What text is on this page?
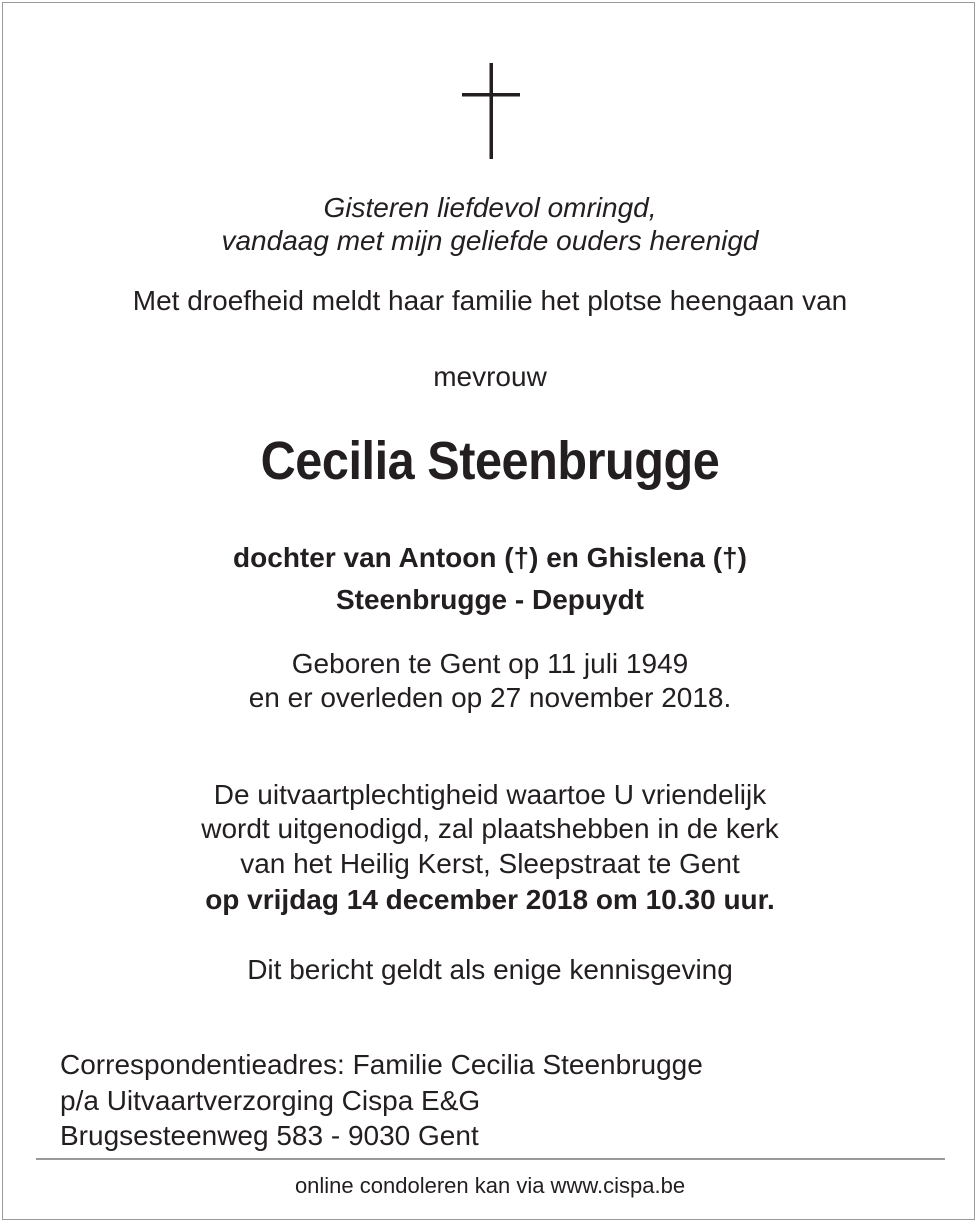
Gisteren liefdevol omringd,
vandaag met mijn geliefde ouders herenigd
Met droefheid meldt haar familie het plotse heengaan van
mevrouw
Cecilia Steenbrugge
dochter van Antoon (†) en Ghislena (†)
Steenbrugge - Depuydt
Geboren te Gent op 11 juli 1949
en er overleden op 27 november 2018.
De uitvaartplechtigheid waartoe U vriendelijk
wordt uitgenodigd, zal plaatshebben in de kerk
van het Heilig Kerst, Sleepstraat te Gent
op vrijdag 14 december 2018 om 10.30 uur.
Dit bericht geldt als enige kennisgeving
Correspondentieadres: Familie Cecilia Steenbrugge
p/a Uitvaartverzorging Cispa E&G
Brugsesteenweg 583 - 9030 Gent
online condoleren kan via www.cispa.be
